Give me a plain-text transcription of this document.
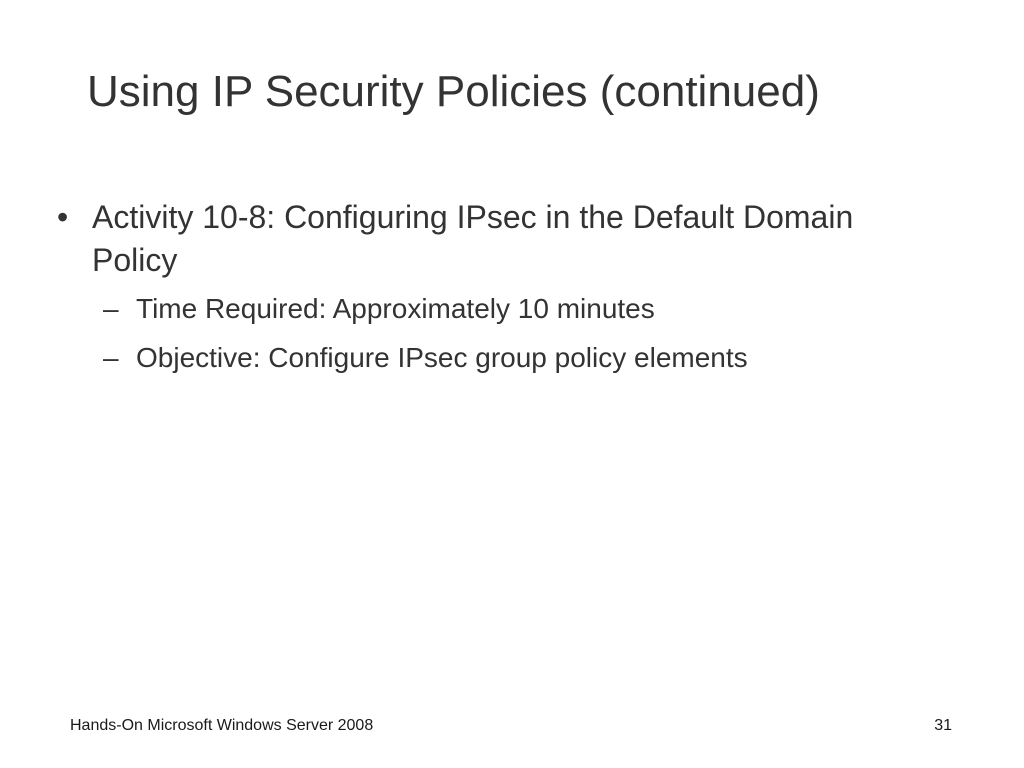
Using IP Security Policies (continued)
• Activity 10-8: Configuring IPsec in the Default Domain Policy
– Time Required: Approximately 10 minutes
– Objective: Configure IPsec group policy elements
Hands-On Microsoft Windows Server 2008	31
